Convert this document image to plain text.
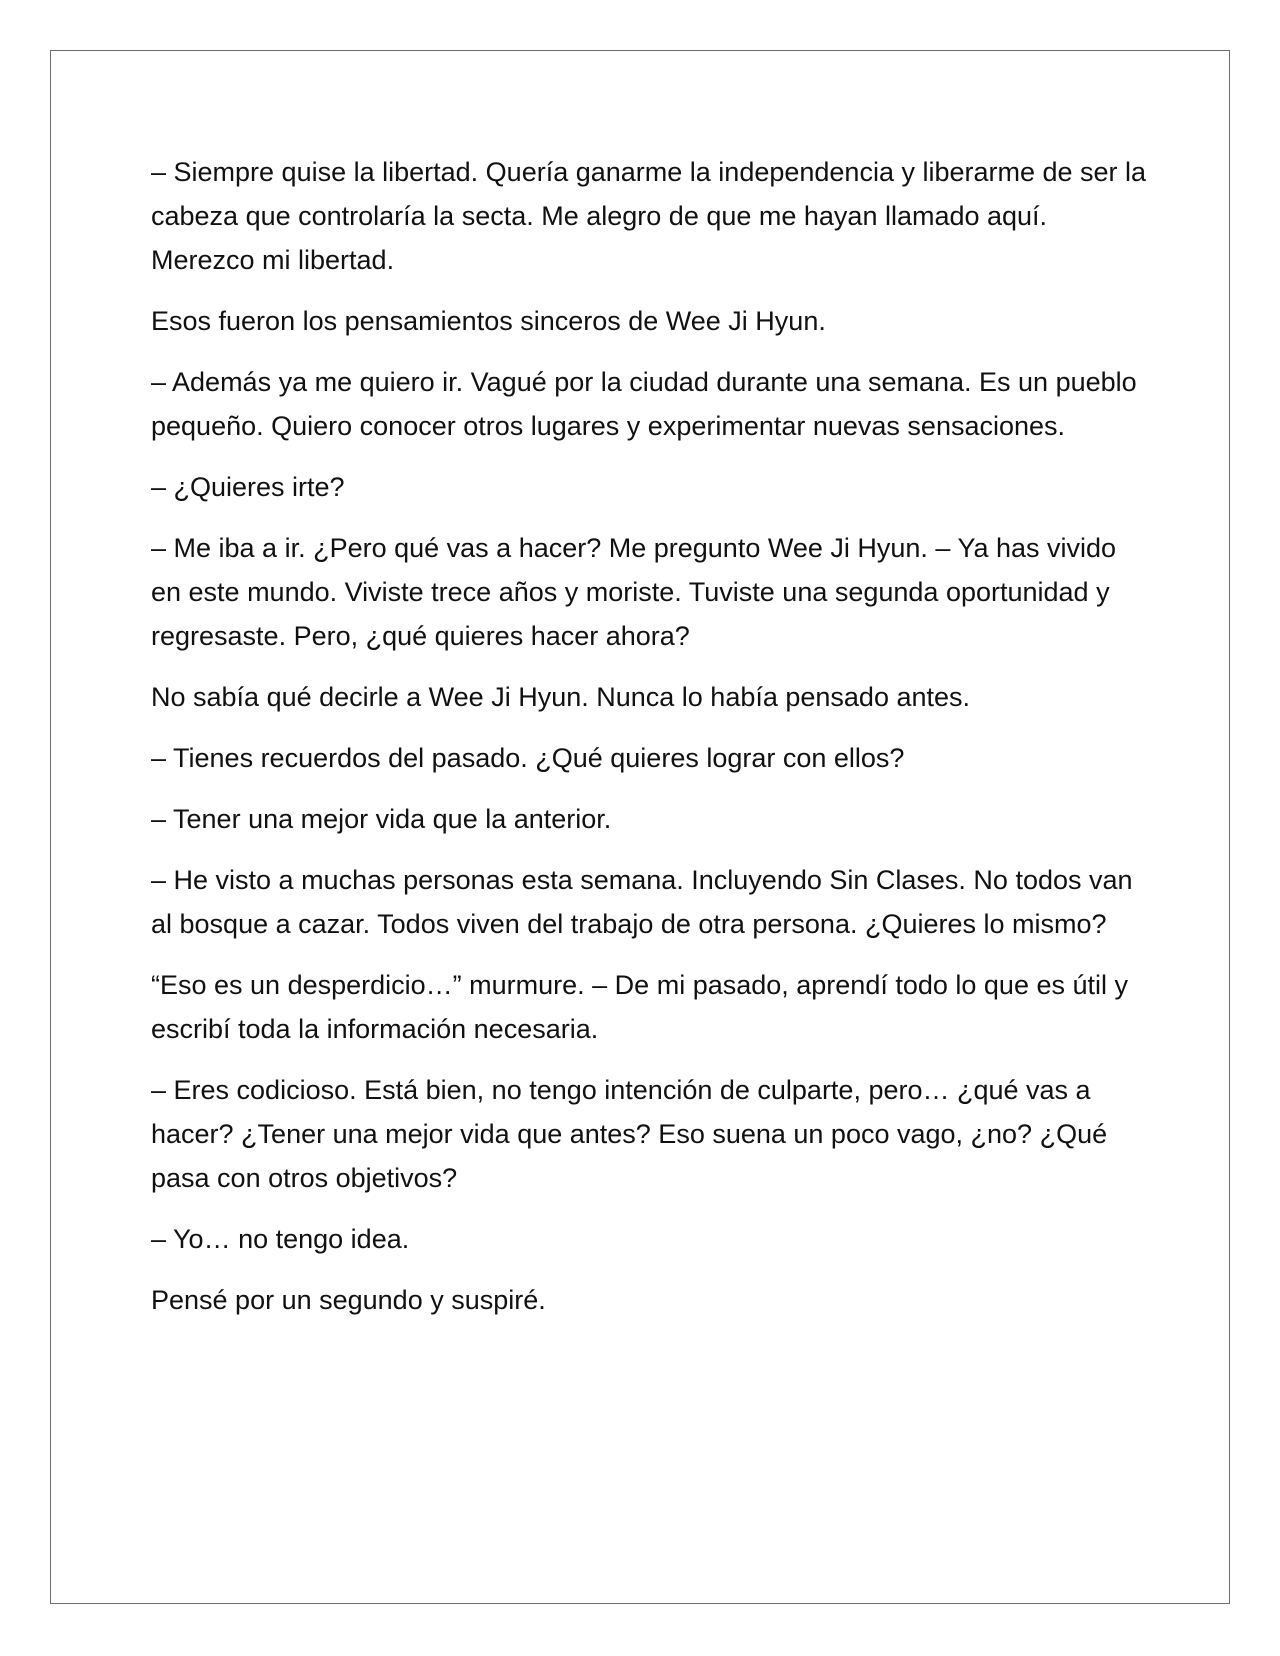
– Siempre quise la libertad. Quería ganarme la independencia y liberarme de ser la cabeza que controlaría la secta. Me alegro de que me hayan llamado aquí. Merezco mi libertad.

Esos fueron los pensamientos sinceros de Wee Ji Hyun.

– Además ya me quiero ir. Vagué por la ciudad durante una semana. Es un pueblo pequeño. Quiero conocer otros lugares y experimentar nuevas sensaciones.

– ¿Quieres irte?

– Me iba a ir. ¿Pero qué vas a hacer? Me pregunto Wee Ji Hyun. – Ya has vivido en este mundo. Viviste trece años y moriste. Tuviste una segunda oportunidad y regresaste. Pero, ¿qué quieres hacer ahora?

No sabía qué decirle a Wee Ji Hyun. Nunca lo había pensado antes.

– Tienes recuerdos del pasado. ¿Qué quieres lograr con ellos?

– Tener una mejor vida que la anterior.

– He visto a muchas personas esta semana. Incluyendo Sin Clases. No todos van al bosque a cazar. Todos viven del trabajo de otra persona. ¿Quieres lo mismo?

“Eso es un desperdicio…” murmure. – De mi pasado, aprendí todo lo que es útil y escribí toda la información necesaria.

– Eres codicioso. Está bien, no tengo intención de culparte, pero… ¿qué vas a hacer? ¿Tener una mejor vida que antes? Eso suena un poco vago, ¿no? ¿Qué pasa con otros objetivos?

– Yo… no tengo idea.

Pensé por un segundo y suspiré.
